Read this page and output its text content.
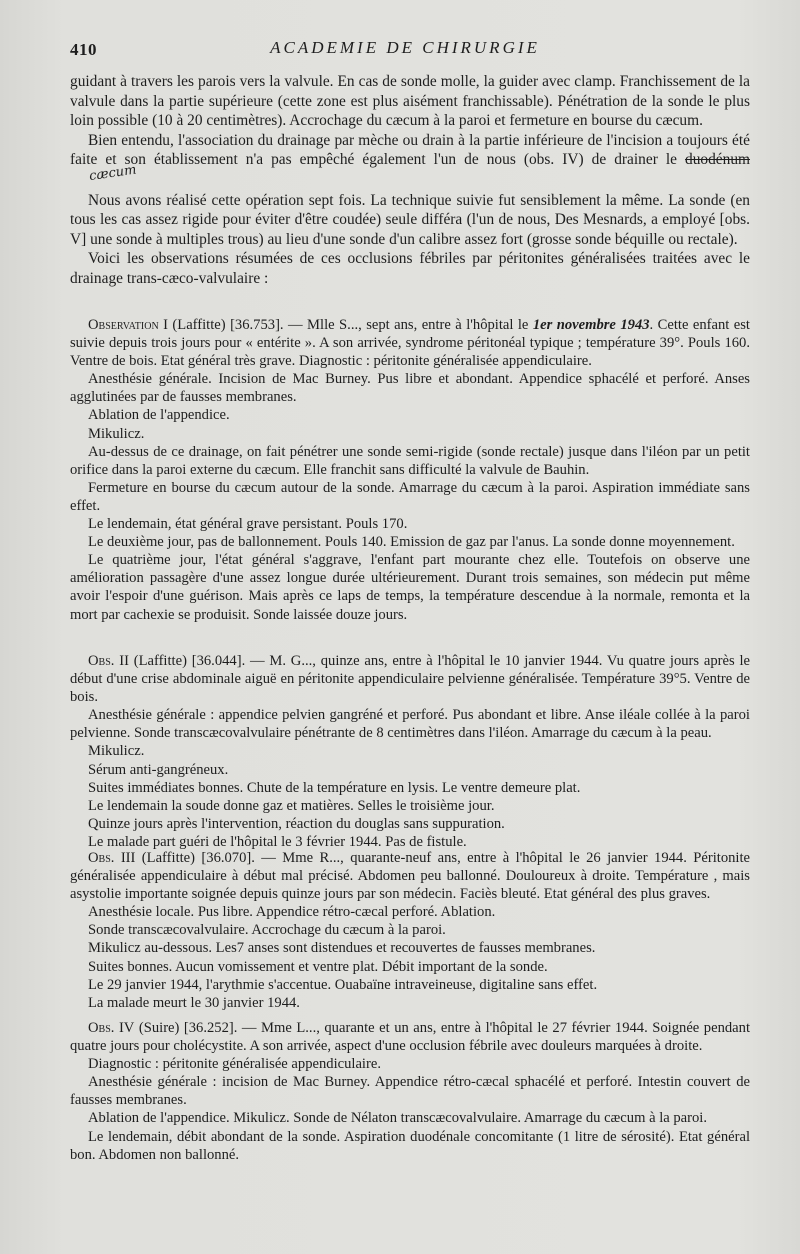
410	ACADEMIE DE CHIRURGIE

guidant à travers les parois vers la valvule. En cas de sonde molle, la guider avec clamp. Franchissement de la valvule dans la partie supérieure (cette zone est plus aisément franchissable). Pénétration de la sonde le plus loin possible (10 à 20 centimètres). Accrochage du cæcum à la paroi et fermeture en bourse du cæcum.

Bien entendu, l'association du drainage par mèche ou drain à la partie inférieure de l'incision a toujours été faite et son établissement n'a pas empêché également l'un de nous (obs. IV) de drainer le duodénumcæcum

Nous avons réalisé cette opération sept fois. La technique suivie fut sensiblement la même. La sonde (en tous les cas assez rigide pour éviter d'être coudée) seule différa (l'un de nous, Des Mesnards, a employé [obs. V] une sonde à multiples trous) au lieu d'une sonde d'un calibre assez fort (grosse sonde béquille ou rectale).

Voici les observations résumées de ces occlusions fébriles par péritonites généralisées traitées avec le drainage trans-cæco-valvulaire :

Observation I (Laffitte) [36.753]. — Mlle S..., sept ans, entre à l'hôpital le 1er novembre 1943. Cette enfant est suivie depuis trois jours pour « entérite ». A son arrivée, syndrome péritonéal typique ; température 39°. Pouls 160. Ventre de bois. Etat général très grave. Diagnostic : péritonite généralisée appendiculaire.

Anesthésie générale. Incision de Mac Burney. Pus libre et abondant. Appendice sphacélé et perforé. Anses agglutinées par de fausses membranes.

Ablation de l'appendice.

Mikulicz.

Au-dessus de ce drainage, on fait pénétrer une sonde semi-rigide (sonde rectale) jusque dans l'iléon par un petit orifice dans la paroi externe du cæcum. Elle franchit sans difficulté la valvule de Bauhin.

Fermeture en bourse du cæcum autour de la sonde. Amarrage du cæcum à la paroi. Aspiration immédiate sans effet.

Le lendemain, état général grave persistant. Pouls 170.

Le deuxième jour, pas de ballonnement. Pouls 140. Emission de gaz par l'anus. La sonde donne moyennement.

Le quatrième jour, l'état général s'aggrave, l'enfant part mourante chez elle. Toutefois on observe une amélioration passagère d'une assez longue durée ultérieurement. Durant trois semaines, son médecin put même avoir l'espoir d'une guérison. Mais après ce laps de temps, la température descendue à la normale, remonta et la mort par cachexie se produisit. Sonde laissée douze jours.

Obs. II (Laffitte) [36.044]. — M. G..., quinze ans, entre à l'hôpital le 10 janvier 1944. Vu quatre jours après le début d'une crise abdominale aiguë en péritonite appendiculaire pelvienne généralisée. Température 39°5. Ventre de bois.

Anesthésie générale : appendice pelvien gangréné et perforé. Pus abondant et libre. Anse iléale collée à la paroi pelvienne. Sonde transcæcovalvulaire pénétrante de 8 centimètres dans l'iléon. Amarrage du cæcum à la peau.

Mikulicz.

Sérum anti-gangréneux.

Suites immédiates bonnes. Chute de la température en lysis. Le ventre demeure plat.

Le lendemain la soude donne gaz et matières. Selles le troisième jour.

Quinze jours après l'intervention, réaction du douglas sans suppuration.

Le malade part guéri de l'hôpital le 3 février 1944. Pas de fistule.

Obs. III (Laffitte) [36.070]. — Mme R..., quarante-neuf ans, entre à l'hôpital le 26 janvier 1944. Péritonite généralisée appendiculaire à début mal précisé. Abdomen peu ballonné. Douloureux à droite. Température , mais asystolie importante soignée depuis quinze jours par son médecin. Faciès bleuté. Etat général des plus graves.

Anesthésie locale. Pus libre. Appendice rétro-cæcal perforé. Ablation.

Sonde transcæcovalvulaire. Accrochage du cæcum à la paroi.

Mikulicz au-dessous. Les7 anses sont distendues et recouvertes de fausses membranes.

Suites bonnes. Aucun vomissement et ventre plat. Débit important de la sonde.

Le 29 janvier 1944, l'arythmie s'accentue. Ouabaïne intraveineuse, digitaline sans effet.

La malade meurt le 30 janvier 1944.

Obs. IV (Suire) [36.252]. — Mme L..., quarante et un ans, entre à l'hôpital le 27 février 1944. Soignée pendant quatre jours pour cholécystite. A son arrivée, aspect d'une occlusion fébrile avec douleurs marquées à droite.

Diagnostic : péritonite généralisée appendiculaire.

Anesthésie générale : incision de Mac Burney. Appendice rétro-cæcal sphacélé et perforé. Intestin couvert de fausses membranes.

Ablation de l'appendice. Mikulicz. Sonde de Nélaton transcæcovalvulaire. Amarrage du cæcum à la paroi.

Le lendemain, débit abondant de la sonde. Aspiration duodénale concomitante (1 litre de sérosité). Etat général bon. Abdomen non ballonné.
